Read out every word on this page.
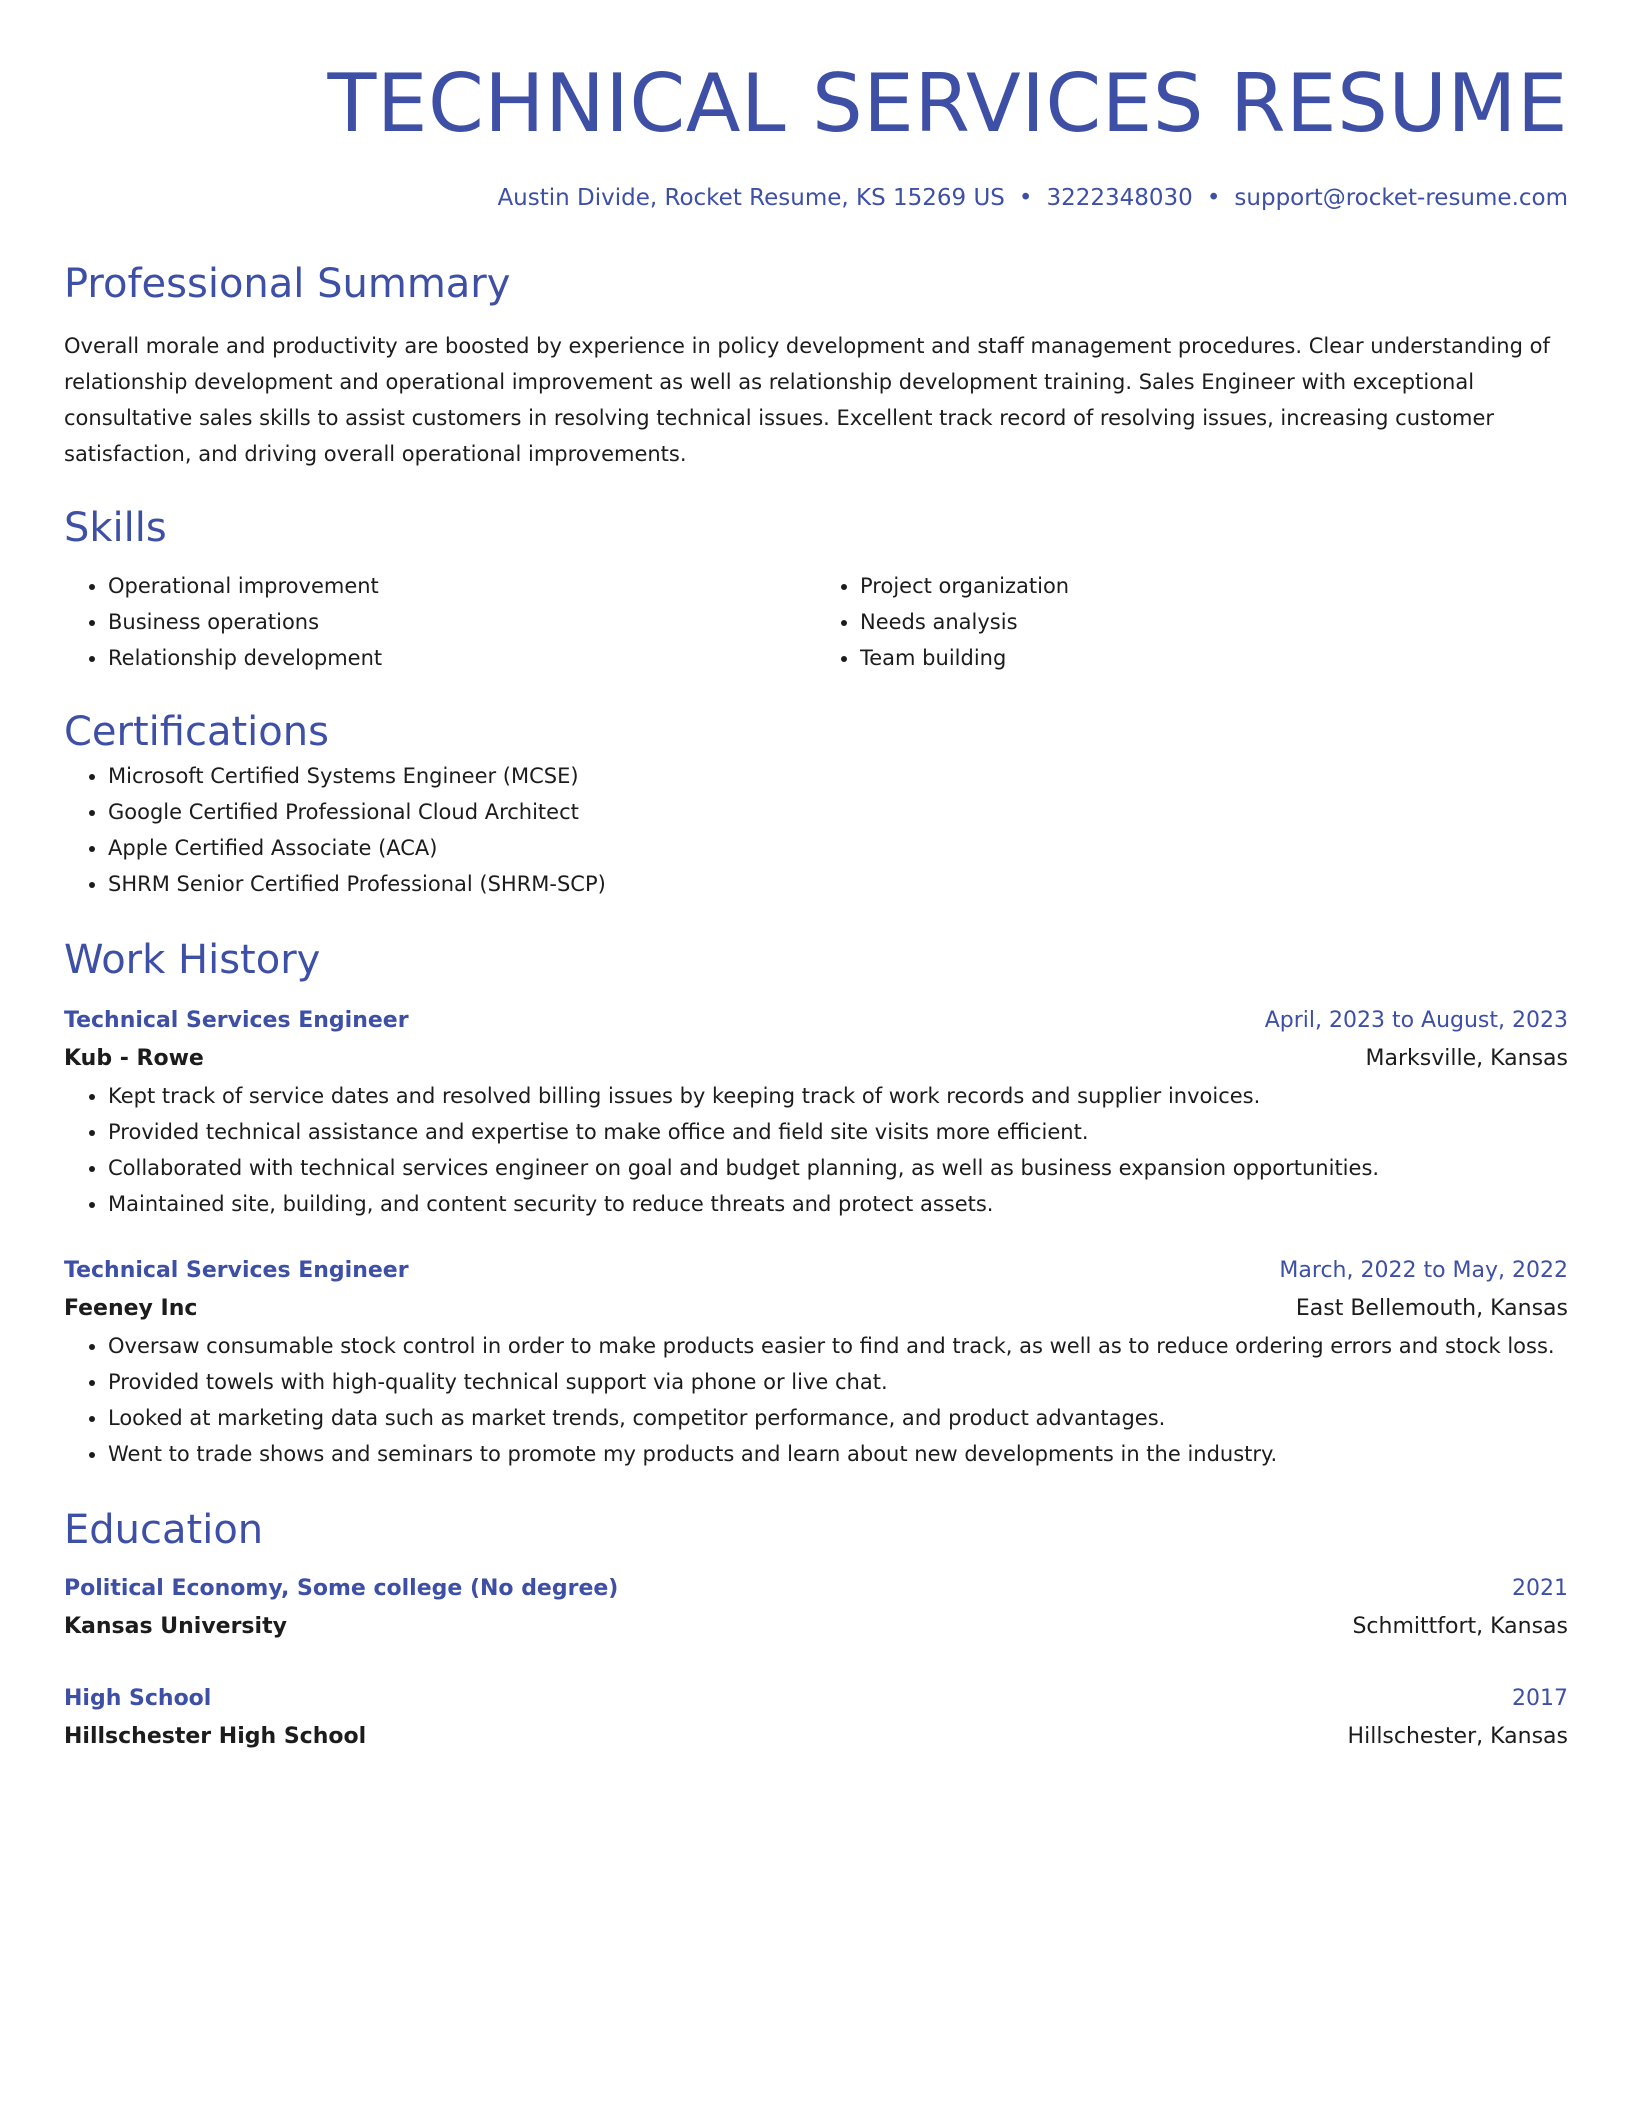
TECHNICAL SERVICES RESUME
Austin Divide, Rocket Resume, KS 15269 US • 3222348030 • support@rocket-resume.com
Professional Summary

Overall morale and productivity are boosted by experience in policy development and staff management procedures. Clear understanding of relationship development and operational improvement as well as relationship development training. Sales Engineer with exceptional consultative sales skills to assist customers in resolving technical issues. Excellent track record of resolving issues, increasing customer satisfaction, and driving overall operational improvements.

Skills
• Operational improvement
• Business operations
• Relationship development
• Project organization
• Needs analysis
• Team building
Certifications
• Microsoft Certified Systems Engineer (MCSE)
• Google Certified Professional Cloud Architect
• Apple Certified Associate (ACA)
• SHRM Senior Certified Professional (SHRM-SCP)
Work History
Technical Services Engineer	April, 2023 to August, 2023
Kub - Rowe	Marksville, Kansas
• Kept track of service dates and resolved billing issues by keeping track of work records and supplier invoices.
• Provided technical assistance and expertise to make office and field site visits more efficient.
• Collaborated with technical services engineer on goal and budget planning, as well as business expansion opportunities.
• Maintained site, building, and content security to reduce threats and protect assets.
Technical Services Engineer	March, 2022 to May, 2022
Feeney Inc	East Bellemouth, Kansas
• Oversaw consumable stock control in order to make products easier to find and track, as well as to reduce ordering errors and stock loss.
• Provided towels with high-quality technical support via phone or live chat.
• Looked at marketing data such as market trends, competitor performance, and product advantages.
• Went to trade shows and seminars to promote my products and learn about new developments in the industry.
Education
Political Economy, Some college (No degree)	2021
Kansas University	Schmittfort, Kansas
High School	2017
Hillschester High School	Hillschester, Kansas
